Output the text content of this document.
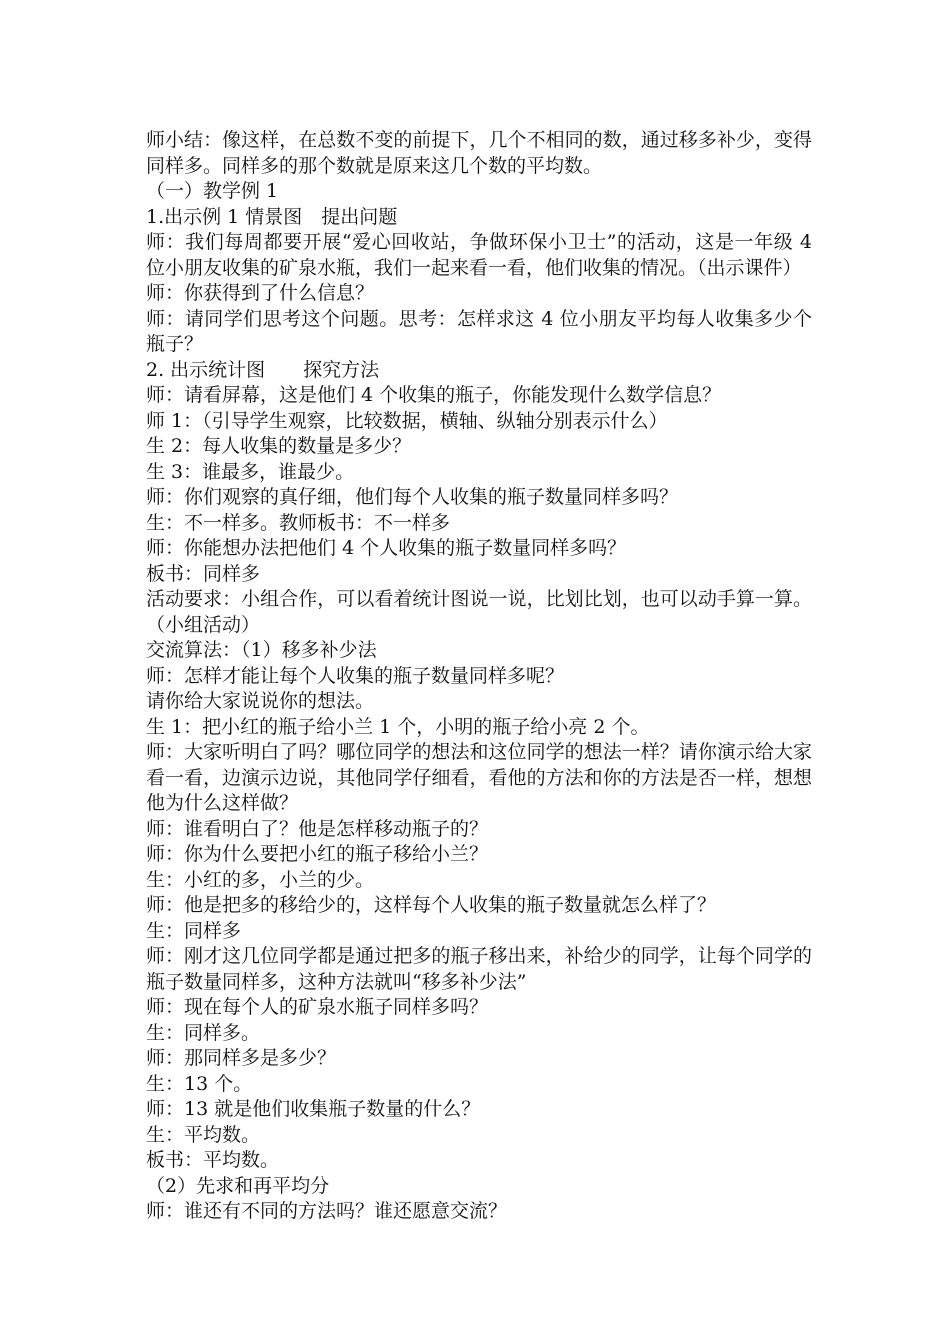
师小结：像这样，在总数不变的前提下，几个不相同的数，通过移多补少，变得同样多。同样多的那个数就是原来这几个数的平均数。

（一）教学例 1

1.出示例 1 情景图　提出问题

师：我们每周都要开展“爱心回收站，争做环保小卫士”的活动，这是一年级 4 位小朋友收集的矿泉水瓶，我们一起来看一看，他们收集的情况。（出示课件）

师：你获得到了什么信息？

师：请同学们思考这个问题。思考：怎样求这 4 位小朋友平均每人收集多少个瓶子？

2. 出示统计图　　探究方法

师：请看屏幕，这是他们 4 个收集的瓶子，你能发现什么数学信息？

师 1：（引导学生观察，比较数据，横轴、纵轴分别表示什么）

生 2：每人收集的数量是多少？

生 3：谁最多，谁最少。

师：你们观察的真仔细，他们每个人收集的瓶子数量同样多吗？

生：不一样多。教师板书：不一样多

师：你能想办法把他们 4 个人收集的瓶子数量同样多吗？

板书：同样多

活动要求：小组合作，可以看着统计图说一说，比划比划，也可以动手算一算。（小组活动）

交流算法：（1）移多补少法

师：怎样才能让每个人收集的瓶子数量同样多呢？

请你给大家说说你的想法。

生 1：把小红的瓶子给小兰 1 个，小明的瓶子给小亮 2 个。

师：大家听明白了吗？哪位同学的想法和这位同学的想法一样？请你演示给大家看一看，边演示边说，其他同学仔细看，看他的方法和你的方法是否一样，想想他为什么这样做？

师：谁看明白了？他是怎样移动瓶子的？

师：你为什么要把小红的瓶子移给小兰？

生：小红的多，小兰的少。

师：他是把多的移给少的，这样每个人收集的瓶子数量就怎么样了？

生：同样多

师：刚才这几位同学都是通过把多的瓶子移出来，补给少的同学，让每个同学的瓶子数量同样多，这种方法就叫“移多补少法”

师：现在每个人的矿泉水瓶子同样多吗？

生：同样多。

师：那同样多是多少？

生：13 个。

师：13 就是他们收集瓶子数量的什么？

生：平均数。

板书：平均数。

（2）先求和再平均分

师：谁还有不同的方法吗？谁还愿意交流？
